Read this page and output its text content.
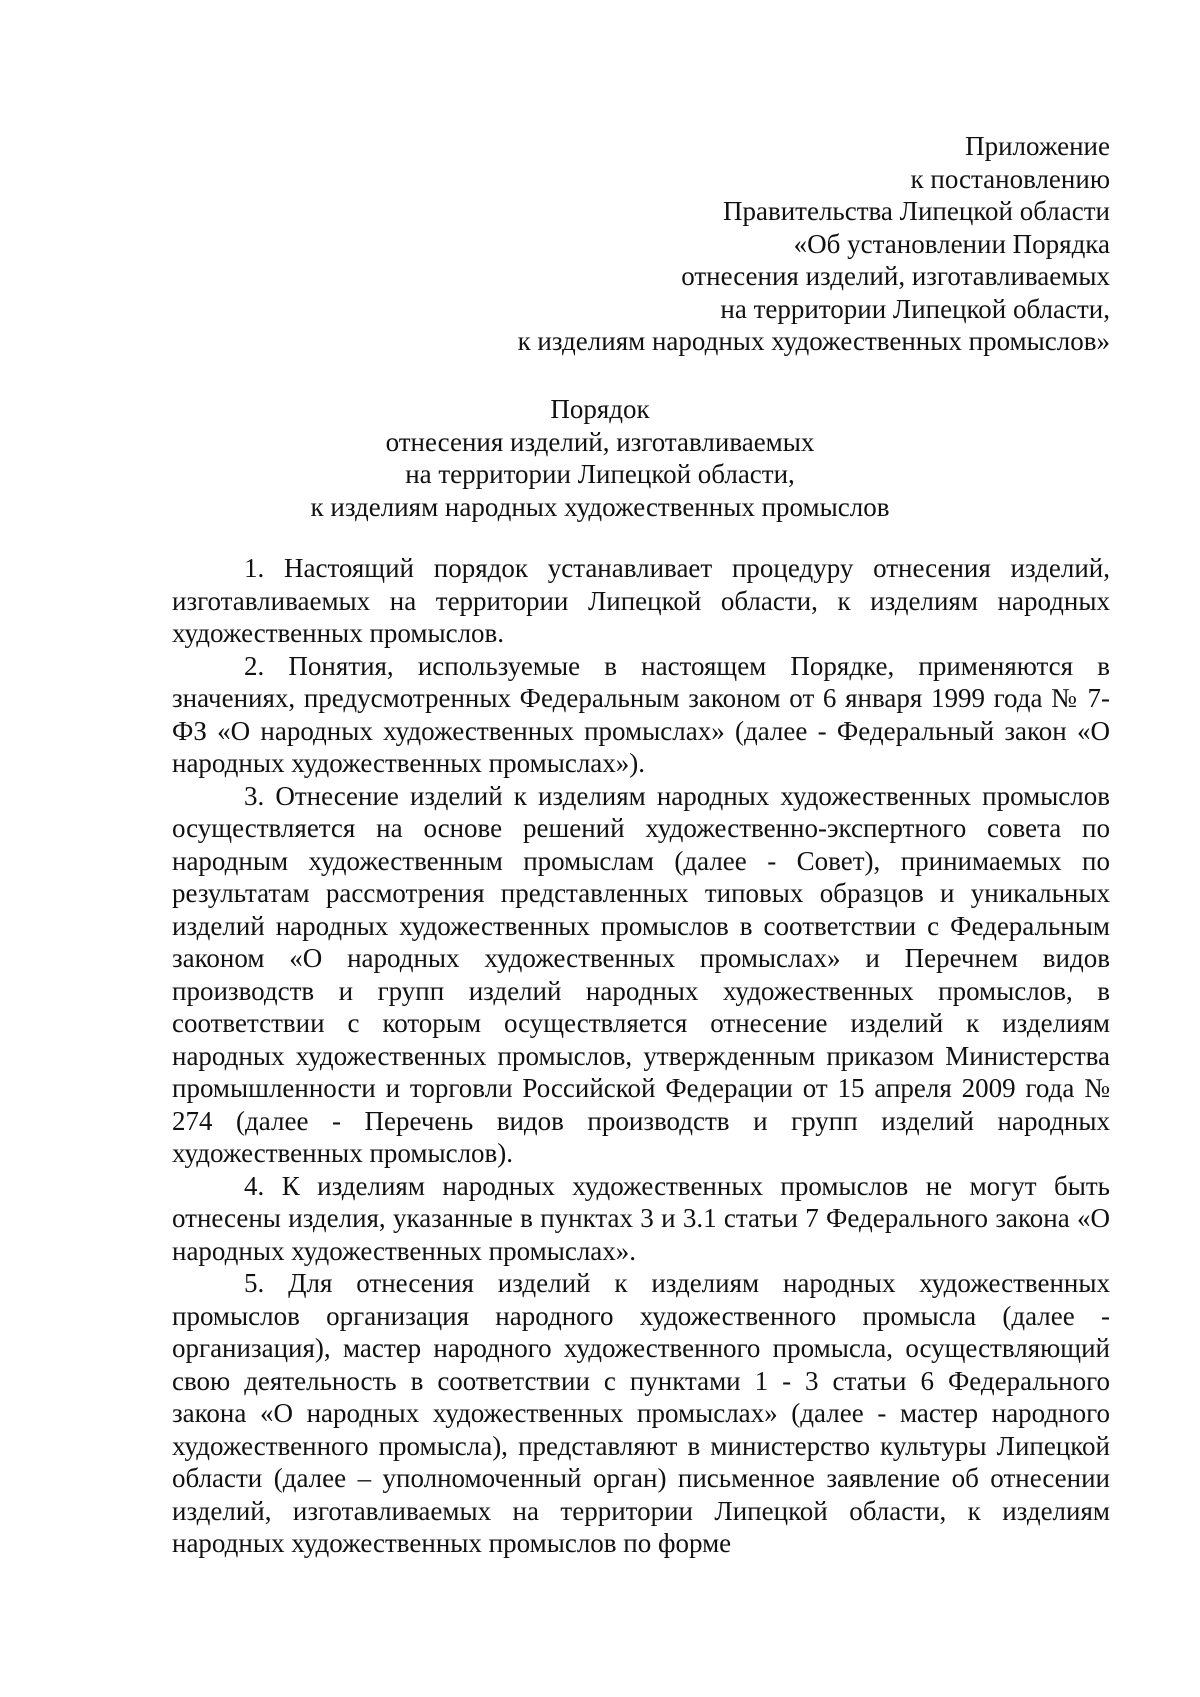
Приложение
к постановлению
Правительства Липецкой области
«Об установлении Порядка
отнесения изделий, изготавливаемых
на территории Липецкой области,
к изделиям народных художественных промыслов»
Порядок
отнесения изделий, изготавливаемых
на территории Липецкой области,
к изделиям народных художественных промыслов

1. Настоящий порядок устанавливает процедуру отнесения изделий, изготавливаемых на территории Липецкой области, к изделиям народных художественных промыслов.

2. Понятия, используемые в настоящем Порядке, применяются в значениях, предусмотренных Федеральным законом от 6 января 1999 года № 7-ФЗ «О народных художественных промыслах» (далее - Федеральный закон «О народных художественных промыслах»).

3. Отнесение изделий к изделиям народных художественных промыслов осуществляется на основе решений художественно-экспертного совета по народным художественным промыслам (далее - Совет), принимаемых по результатам рассмотрения представленных типовых образцов и уникальных изделий народных художественных промыслов в соответствии с Федеральным законом «О народных художественных промыслах» и Перечнем видов производств и групп изделий народных художественных промыслов, в соответствии с которым осуществляется отнесение изделий к изделиям народных художественных промыслов, утвержденным приказом Министерства промышленности и торговли Российской Федерации от 15 апреля 2009 года № 274 (далее - Перечень видов производств и групп изделий народных художественных промыслов).

4. К изделиям народных художественных промыслов не могут быть отнесены изделия, указанные в пунктах 3 и 3.1 статьи 7 Федерального закона «О народных художественных промыслах».

5. Для отнесения изделий к изделиям народных художественных промыслов организация народного художественного промысла (далее - организация), мастер народного художественного промысла, осуществляющий свою деятельность в соответствии с пунктами 1 - 3 статьи 6 Федерального закона «О народных художественных промыслах» (далее - мастер народного художественного промысла), представляют в министерство культуры Липецкой области (далее – уполномоченный орган) письменное заявление об отнесении изделий, изготавливаемых на территории Липецкой области, к изделиям народных художественных промыслов по форме
